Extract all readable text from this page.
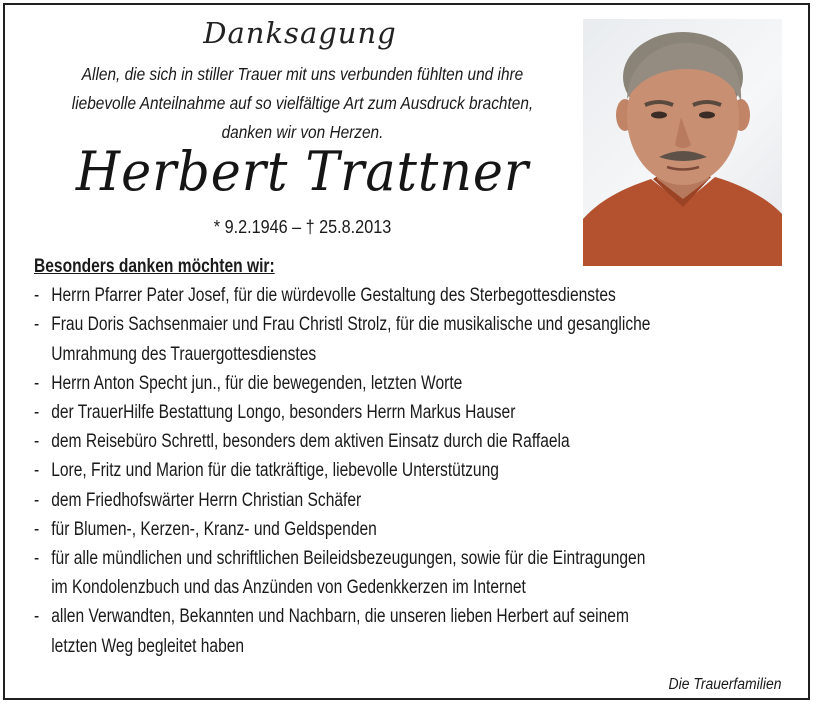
Danksagung
Allen, die sich in stiller Trauer mit uns verbunden fühlten und ihre
liebevolle Anteilnahme auf so vielfältige Art zum Ausdruck brachten,
danken wir von Herzen.
Herbert Trattner
* 9.2.1946 – † 25.8.2013
Besonders danken möchten wir:
- Herrn Pfarrer Pater Josef, für die würdevolle Gestaltung des Sterbegottesdienstes
- Frau Doris Sachsenmaier und Frau Christl Strolz, für die musikalische und gesangliche
Umrahmung des Trauergottesdienstes
- Herrn Anton Specht jun., für die bewegenden, letzten Worte
- der TrauerHilfe Bestattung Longo, besonders Herrn Markus Hauser
- dem Reisebüro Schrettl, besonders dem aktiven Einsatz durch die Raffaela
- Lore, Fritz und Marion für die tatkräftige, liebevolle Unterstützung
- dem Friedhofswärter Herrn Christian Schäfer
- für Blumen-, Kerzen-, Kranz- und Geldspenden
- für alle mündlichen und schriftlichen Beileidsbezeugungen, sowie für die Eintragungen
im Kondolenzbuch und das Anzünden von Gedenkkerzen im Internet
- allen Verwandten, Bekannten und Nachbarn, die unseren lieben Herbert auf seinem
letzten Weg begleitet haben
Die Trauerfamilien
